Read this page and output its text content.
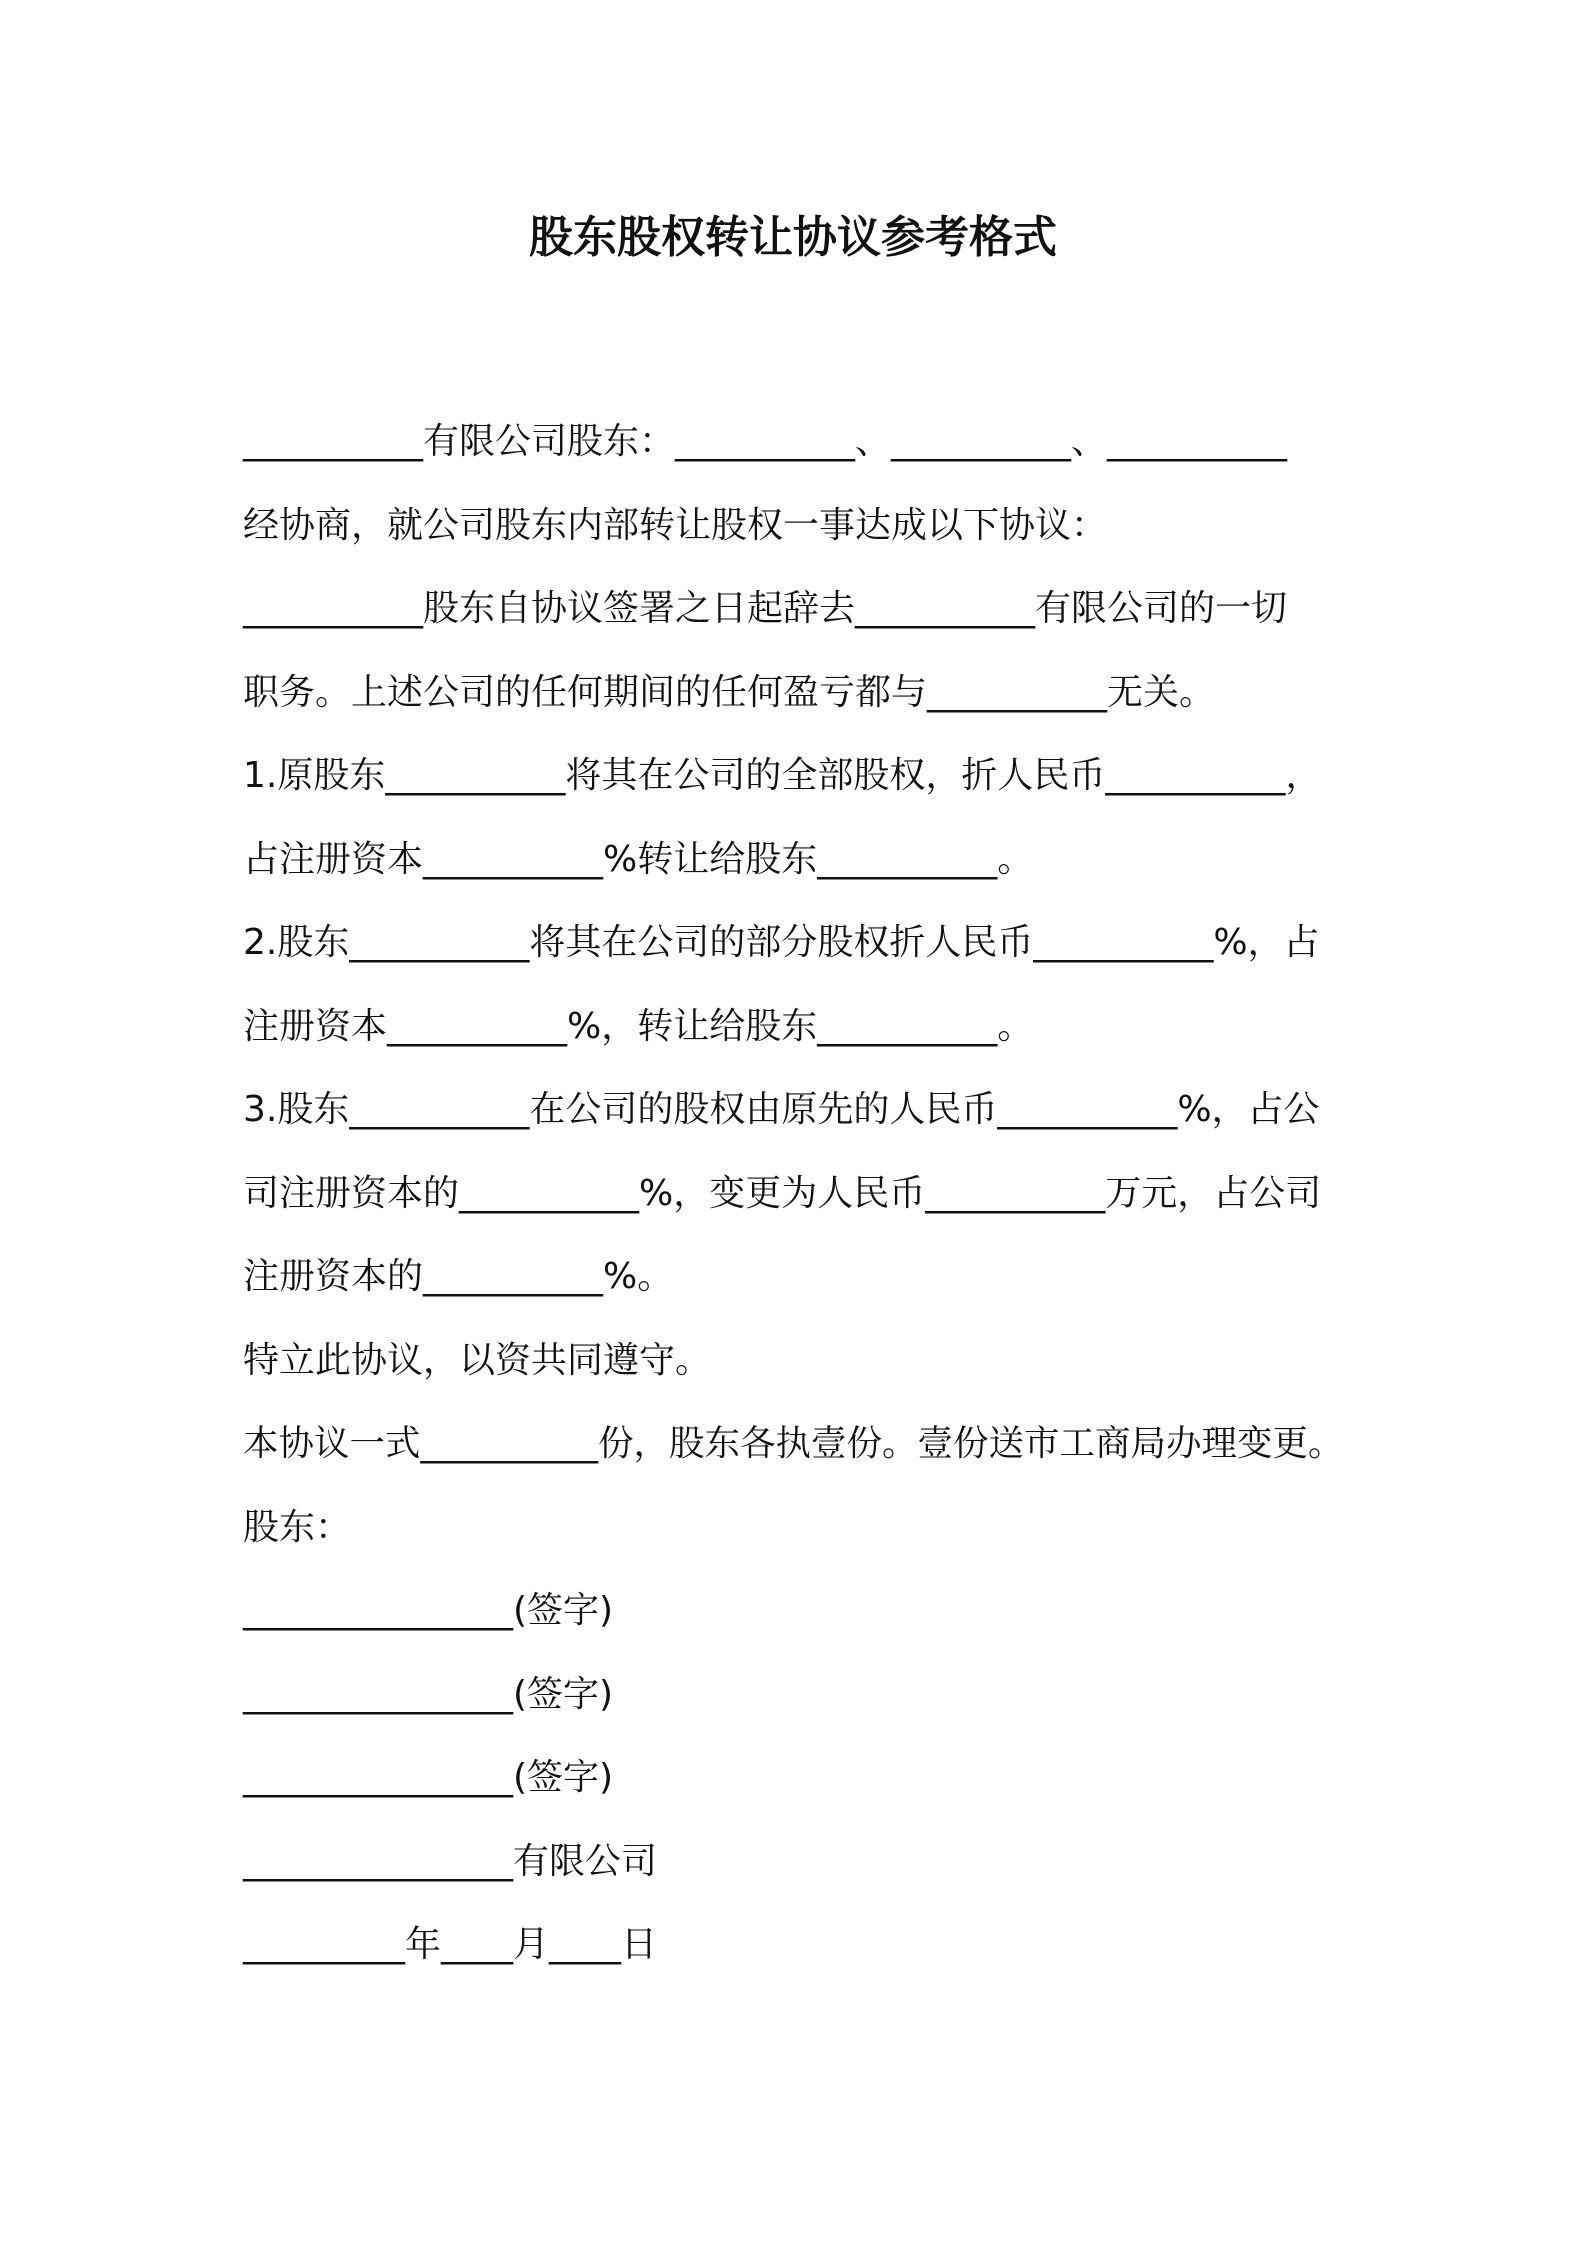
股东股权转让协议参考格式
__________有限公司股东：__________、__________、__________
经协商，就公司股东内部转让股权一事达成以下协议：
__________股东自协议签署之日起辞去__________有限公司的一切
职务。上述公司的任何期间的任何盈亏都与__________无关。
1.原股东__________将其在公司的全部股权，折人民币__________，
占注册资本__________%转让给股东__________。
2.股东__________将其在公司的部分股权折人民币__________%，占
注册资本__________%，转让给股东__________。
3.股东__________在公司的股权由原先的人民币__________%，占公
司注册资本的__________%，变更为人民币__________万元，占公司
注册资本的__________%。
特立此协议，以资共同遵守。
本协议一式__________份，股东各执壹份。壹份送市工商局办理变更。
股东：
_______________(签字)
_______________(签字)
_______________(签字)
_______________有限公司
_________年____月____日
